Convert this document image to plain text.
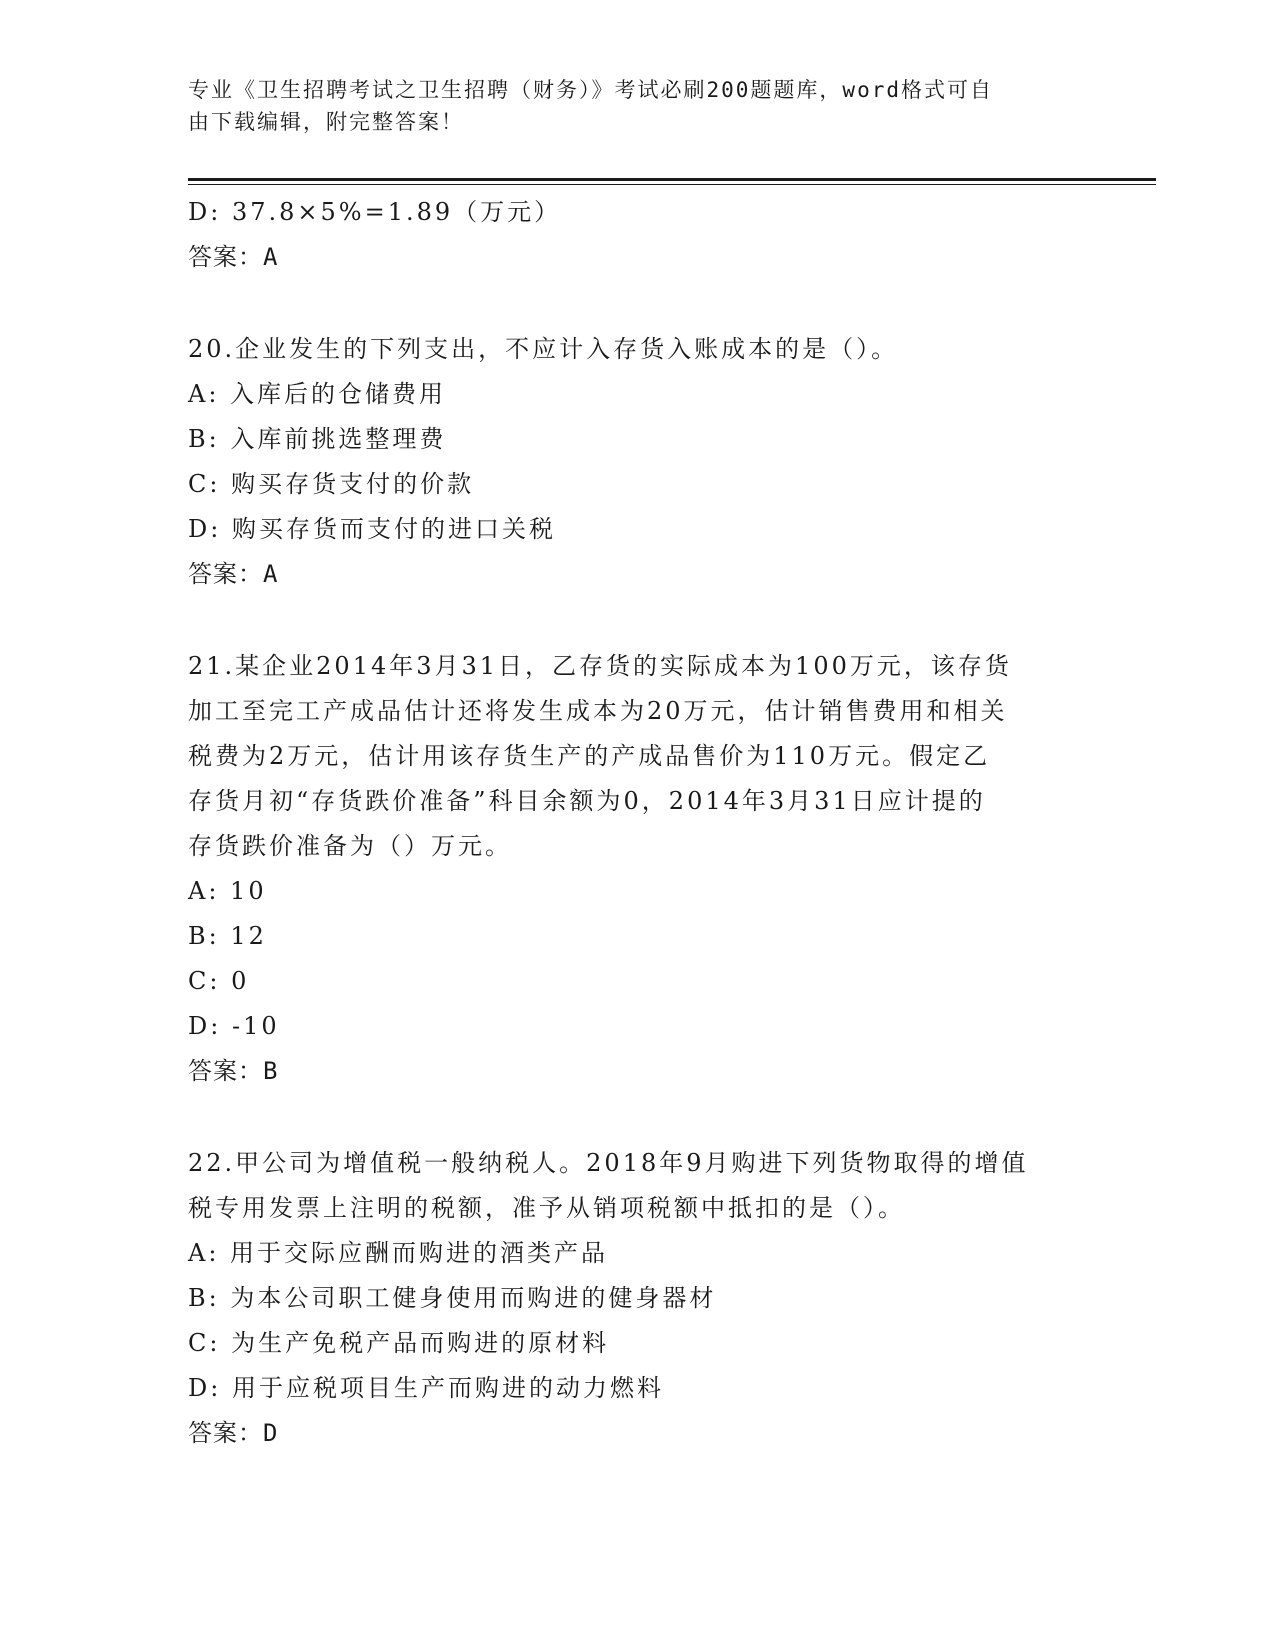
专业《卫生招聘考试之卫生招聘（财务）》考试必刷200题题库，word格式可自
由下载编辑，附完整答案！
D: 37.8×5%=1.89（万元）
答案：A
20.企业发生的下列支出，不应计入存货入账成本的是（）。
A: 入库后的仓储费用
B: 入库前挑选整理费
C: 购买存货支付的价款
D: 购买存货而支付的进口关税
答案：A
21.某企业2014年3月31日，乙存货的实际成本为100万元，该存货
加工至完工产成品估计还将发生成本为20万元，估计销售费用和相关
税费为2万元，估计用该存货生产的产成品售价为110万元。假定乙
存货月初“存货跌价准备”科目余额为0，2014年3月31日应计提的
存货跌价准备为（）万元。
A: 10
B: 12
C: 0
D: -10
答案：B
22.甲公司为增值税一般纳税人。2018年9月购进下列货物取得的增值
税专用发票上注明的税额，准予从销项税额中抵扣的是（）。
A: 用于交际应酬而购进的酒类产品
B: 为本公司职工健身使用而购进的健身器材
C: 为生产免税产品而购进的原材料
D: 用于应税项目生产而购进的动力燃料
答案：D
